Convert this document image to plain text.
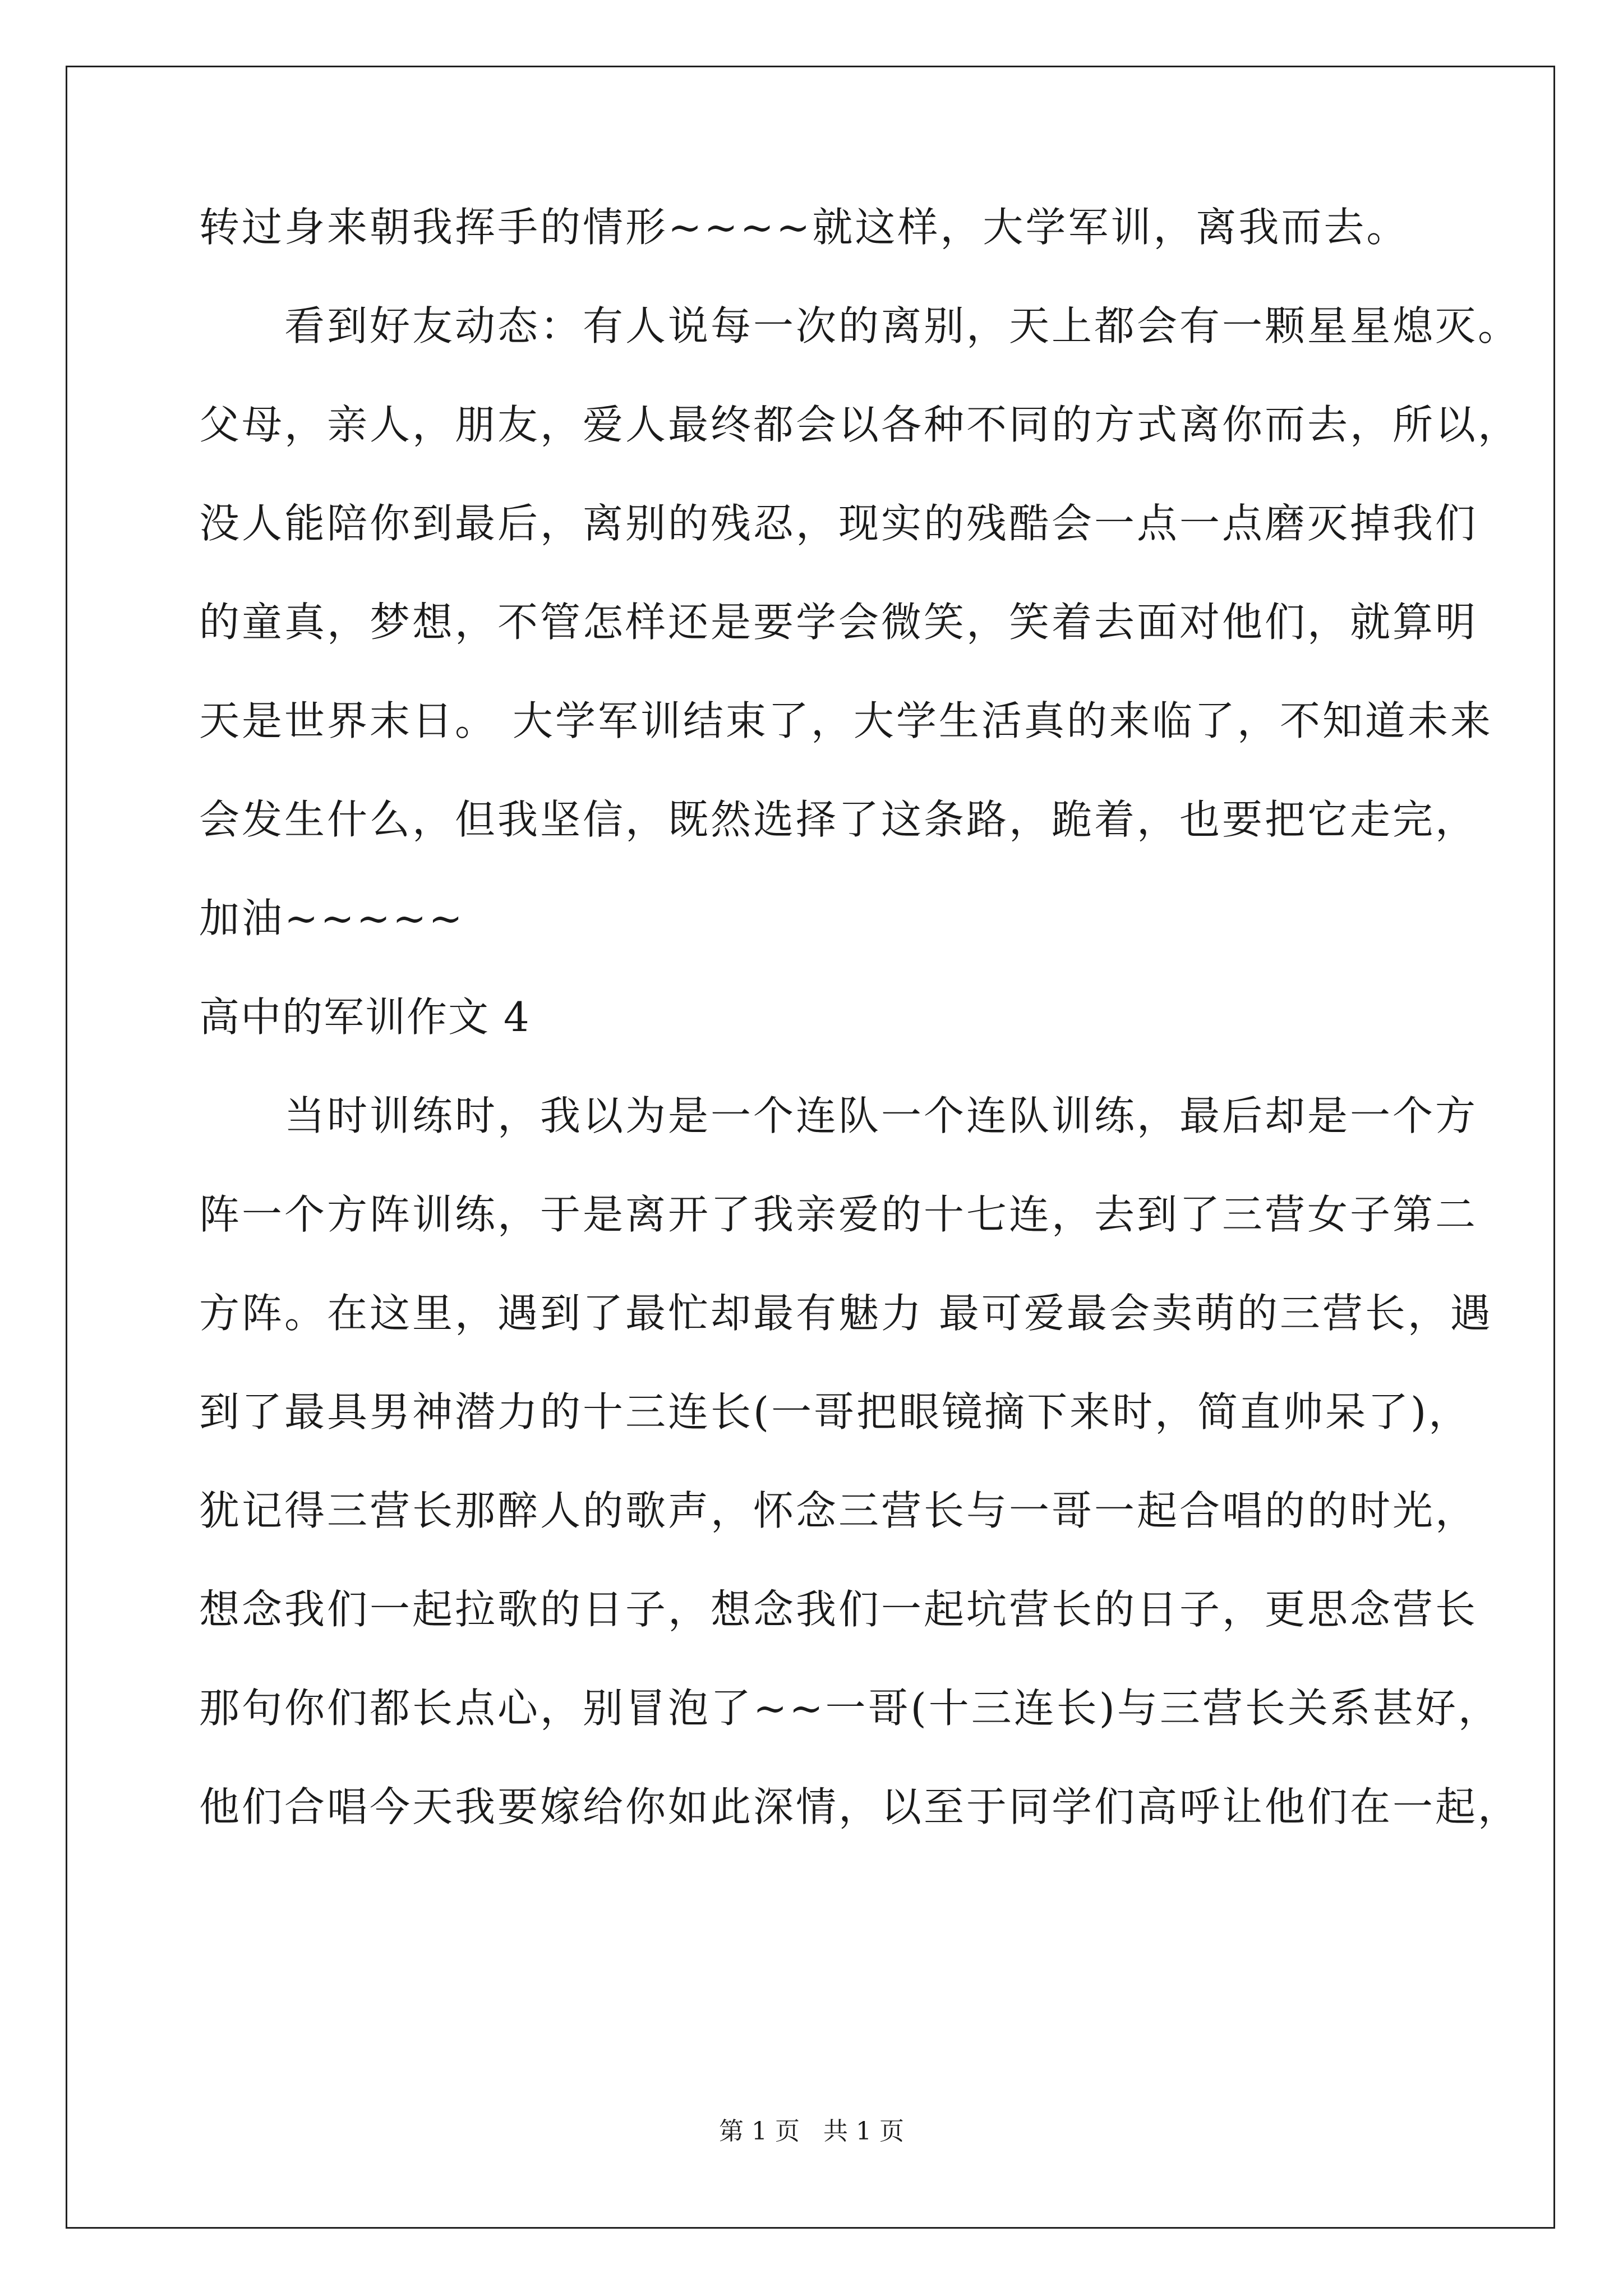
转过身来朝我挥手的情形~~~~就这样，大学军训，离我而去。
　　看到好友动态：有人说每一次的离别，天上都会有一颗星星熄灭。
父母，亲人，朋友，爱人最终都会以各种不同的方式离你而去，所以，
没人能陪你到最后，离别的残忍，现实的残酷会一点一点磨灭掉我们
的童真，梦想，不管怎样还是要学会微笑，笑着去面对他们，就算明
天是世界末日。 大学军训结束了，大学生活真的来临了，不知道未来
会发生什么，但我坚信，既然选择了这条路，跪着，也要把它走完，
加油~~~~~
高中的军训作文 4
　　当时训练时，我以为是一个连队一个连队训练，最后却是一个方
阵一个方阵训练，于是离开了我亲爱的十七连，去到了三营女子第二
方阵。在这里，遇到了最忙却最有魅力 最可爱最会卖萌的三营长，遇
到了最具男神潜力的十三连长(一哥把眼镜摘下来时，简直帅呆了)，
犹记得三营长那醉人的歌声，怀念三营长与一哥一起合唱的的时光，
想念我们一起拉歌的日子，想念我们一起坑营长的日子，更思念营长
那句你们都长点心，别冒泡了~~一哥(十三连长)与三营长关系甚好，
他们合唱今天我要嫁给你如此深情，以至于同学们高呼让他们在一起，
第 1 页   共 1 页
